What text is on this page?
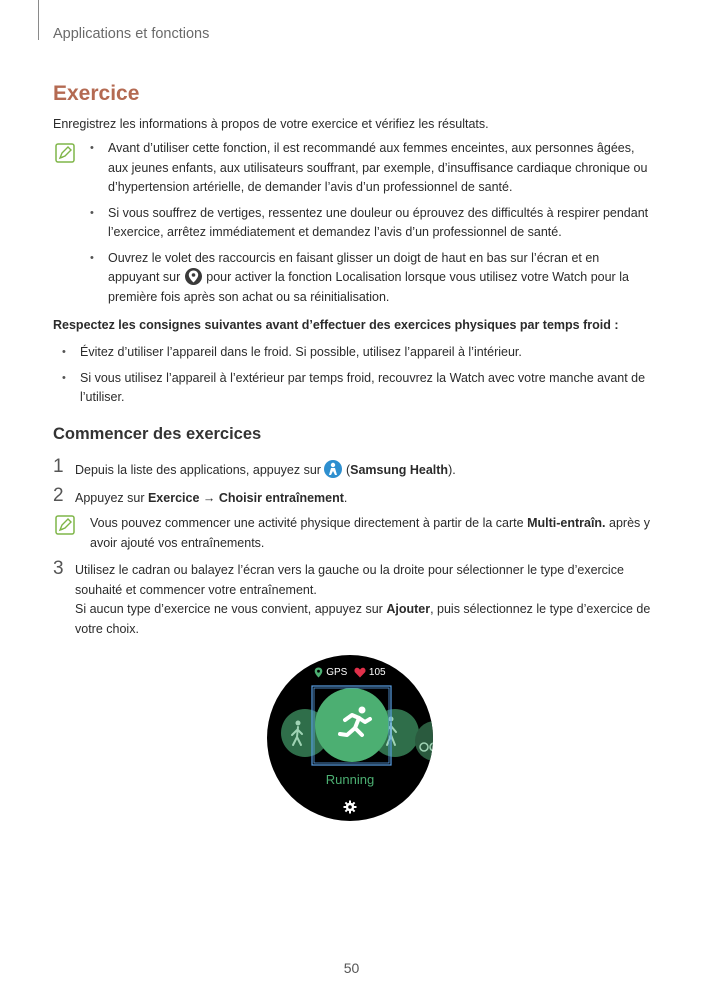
Applications et fonctions
Exercice
Enregistrez les informations à propos de votre exercice et vérifiez les résultats.
• Avant d’utiliser cette fonction, il est recommandé aux femmes enceintes, aux personnes âgées, aux jeunes enfants, aux utilisateurs souffrant, par exemple, d’insuffisance cardiaque chronique ou d’hypertension artérielle, de demander l’avis d’un professionnel de santé.
• Si vous souffrez de vertiges, ressentez une douleur ou éprouvez des difficultés à respirer pendant l’exercice, arrêtez immédiatement et demandez l’avis d’un professionnel de santé.
• Ouvrez le volet des raccourcis en faisant glisser un doigt de haut en bas sur l’écran et en appuyant sur pour activer la fonction Localisation lorsque vous utilisez votre Watch pour la première fois après son achat ou sa réinitialisation.
Respectez les consignes suivantes avant d’effectuer des exercices physiques par temps froid :
• Évitez d’utiliser l’appareil dans le froid. Si possible, utilisez l’appareil à l’intérieur.
• Si vous utilisez l’appareil à l’extérieur par temps froid, recouvrez la Watch avec votre manche avant de l’utiliser.
Commencer des exercices
1 Depuis la liste des applications, appuyez sur (Samsung Health).
2 Appuyez sur Exercice → Choisir entraînement.
Vous pouvez commencer une activité physique directement à partir de la carte Multi-entraîn. après y avoir ajouté vos entraînements.
3 Utilisez le cadran ou balayez l’écran vers la gauche ou la droite pour sélectionner le type d’exercice souhaité et commencer votre entraînement.
Si aucun type d’exercice ne vous convient, appuyez sur Ajouter, puis sélectionnez le type d’exercice de votre choix.
GPS 105
Running
50
